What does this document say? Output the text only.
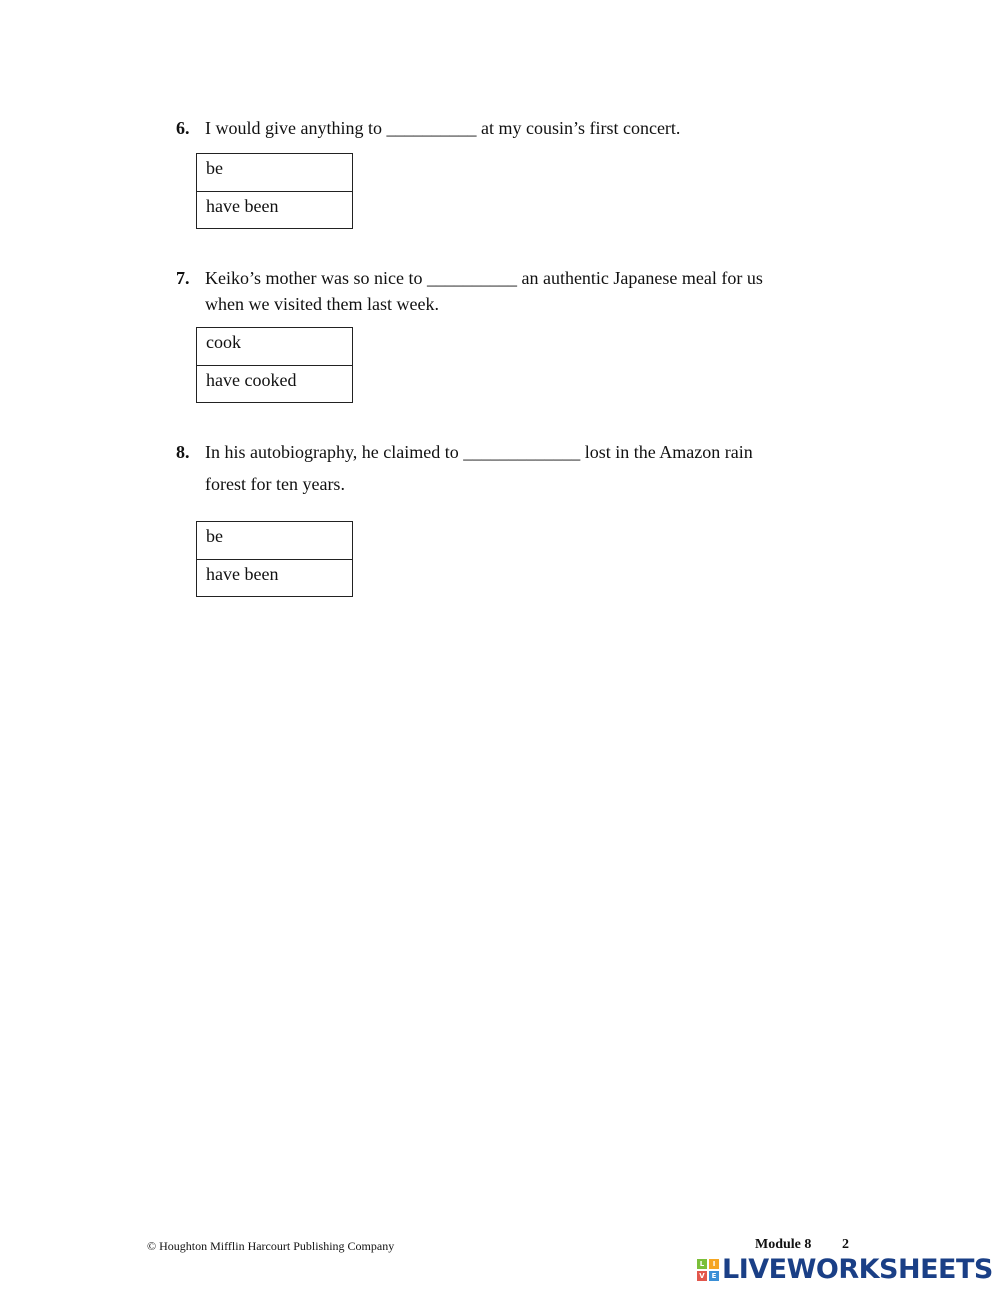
6. I would give anything to __________ at my cousin’s first concert.
be
have been
7. Keiko’s mother was so nice to __________ an authentic Japanese meal for us
when we visited them last week.
cook
have cooked
8. In his autobiography, he claimed to _____________ lost in the Amazon rain
forest for ten years.
be
have been
© Houghton Mifflin Harcourt Publishing Company	Module 8 2
L	I
V E LIVEWORKSHEETS
